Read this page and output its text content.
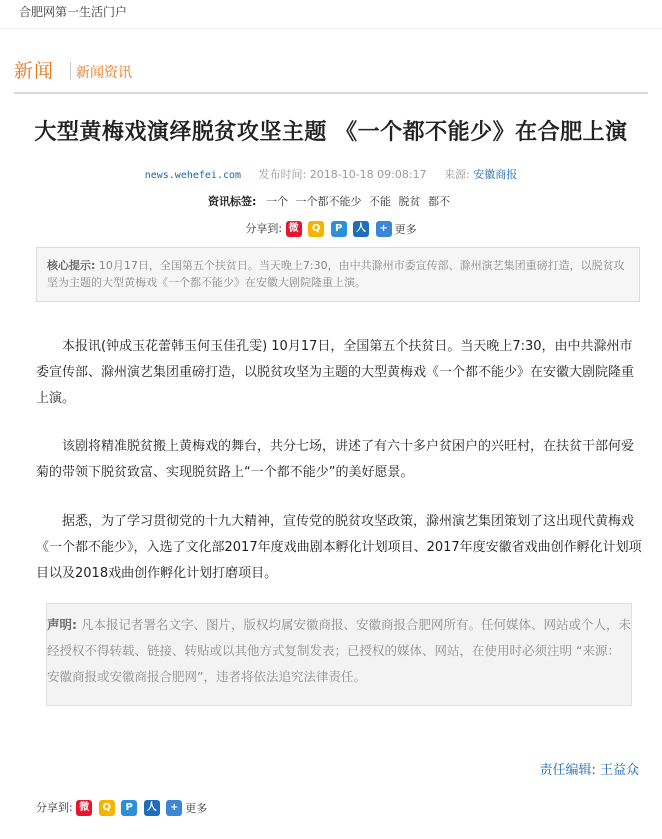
合肥网第一生活门户
新闻 新闻资讯
大型黄梅戏演绎脱贫攻坚主题 《一个都不能少》在合肥上演
news.wehefei.com 发布时间: 2018-10-18 09:08:17 来源: 安徽商报
资讯标签: 一个 一个都不能少 不能 脱贫 都不
分享到: 微 Q P 人 + 更多
核心提示: 10月17日，全国第五个扶贫日。当天晚上7:30，由中共滁州市委宣传部、滁州演艺集团重磅打造，以脱贫攻坚为主题的大型黄梅戏《一个都不能少》在安徽大剧院隆重上演。
本报讯(钟成玉花蕾韩玉何玉佳孔雯) 10月17日，全国第五个扶贫日。当天晚上7:30，由中共滁州市委宣传部、滁州演艺集团重磅打造，以脱贫攻坚为主题的大型黄梅戏《一个都不能少》在安徽大剧院隆重上演。
该剧将精准脱贫搬上黄梅戏的舞台，共分七场，讲述了有六十多户贫困户的兴旺村，在扶贫干部何爱菊的带领下脱贫致富、实现脱贫路上“一个都不能少”的美好愿景。
据悉，为了学习贯彻党的十九大精神，宣传党的脱贫攻坚政策，滁州演艺集团策划了这出现代黄梅戏《一个都不能少》，入选了文化部2017年度戏曲剧本孵化计划项目、2017年度安徽省戏曲创作孵化计划项目以及2018戏曲创作孵化计划打磨项目。
声明: 凡本报记者署名文字、图片，版权均属安徽商报、安徽商报合肥网所有。任何媒体、网站或个人，未经授权不得转载、链接、转贴或以其他方式复制发表；已授权的媒体、网站，在使用时必须注明 “来源：安徽商报或安徽商报合肥网”，违者将依法追究法律责任。
责任编辑: 王益众
分享到: 微 Q P 人 + 更多
